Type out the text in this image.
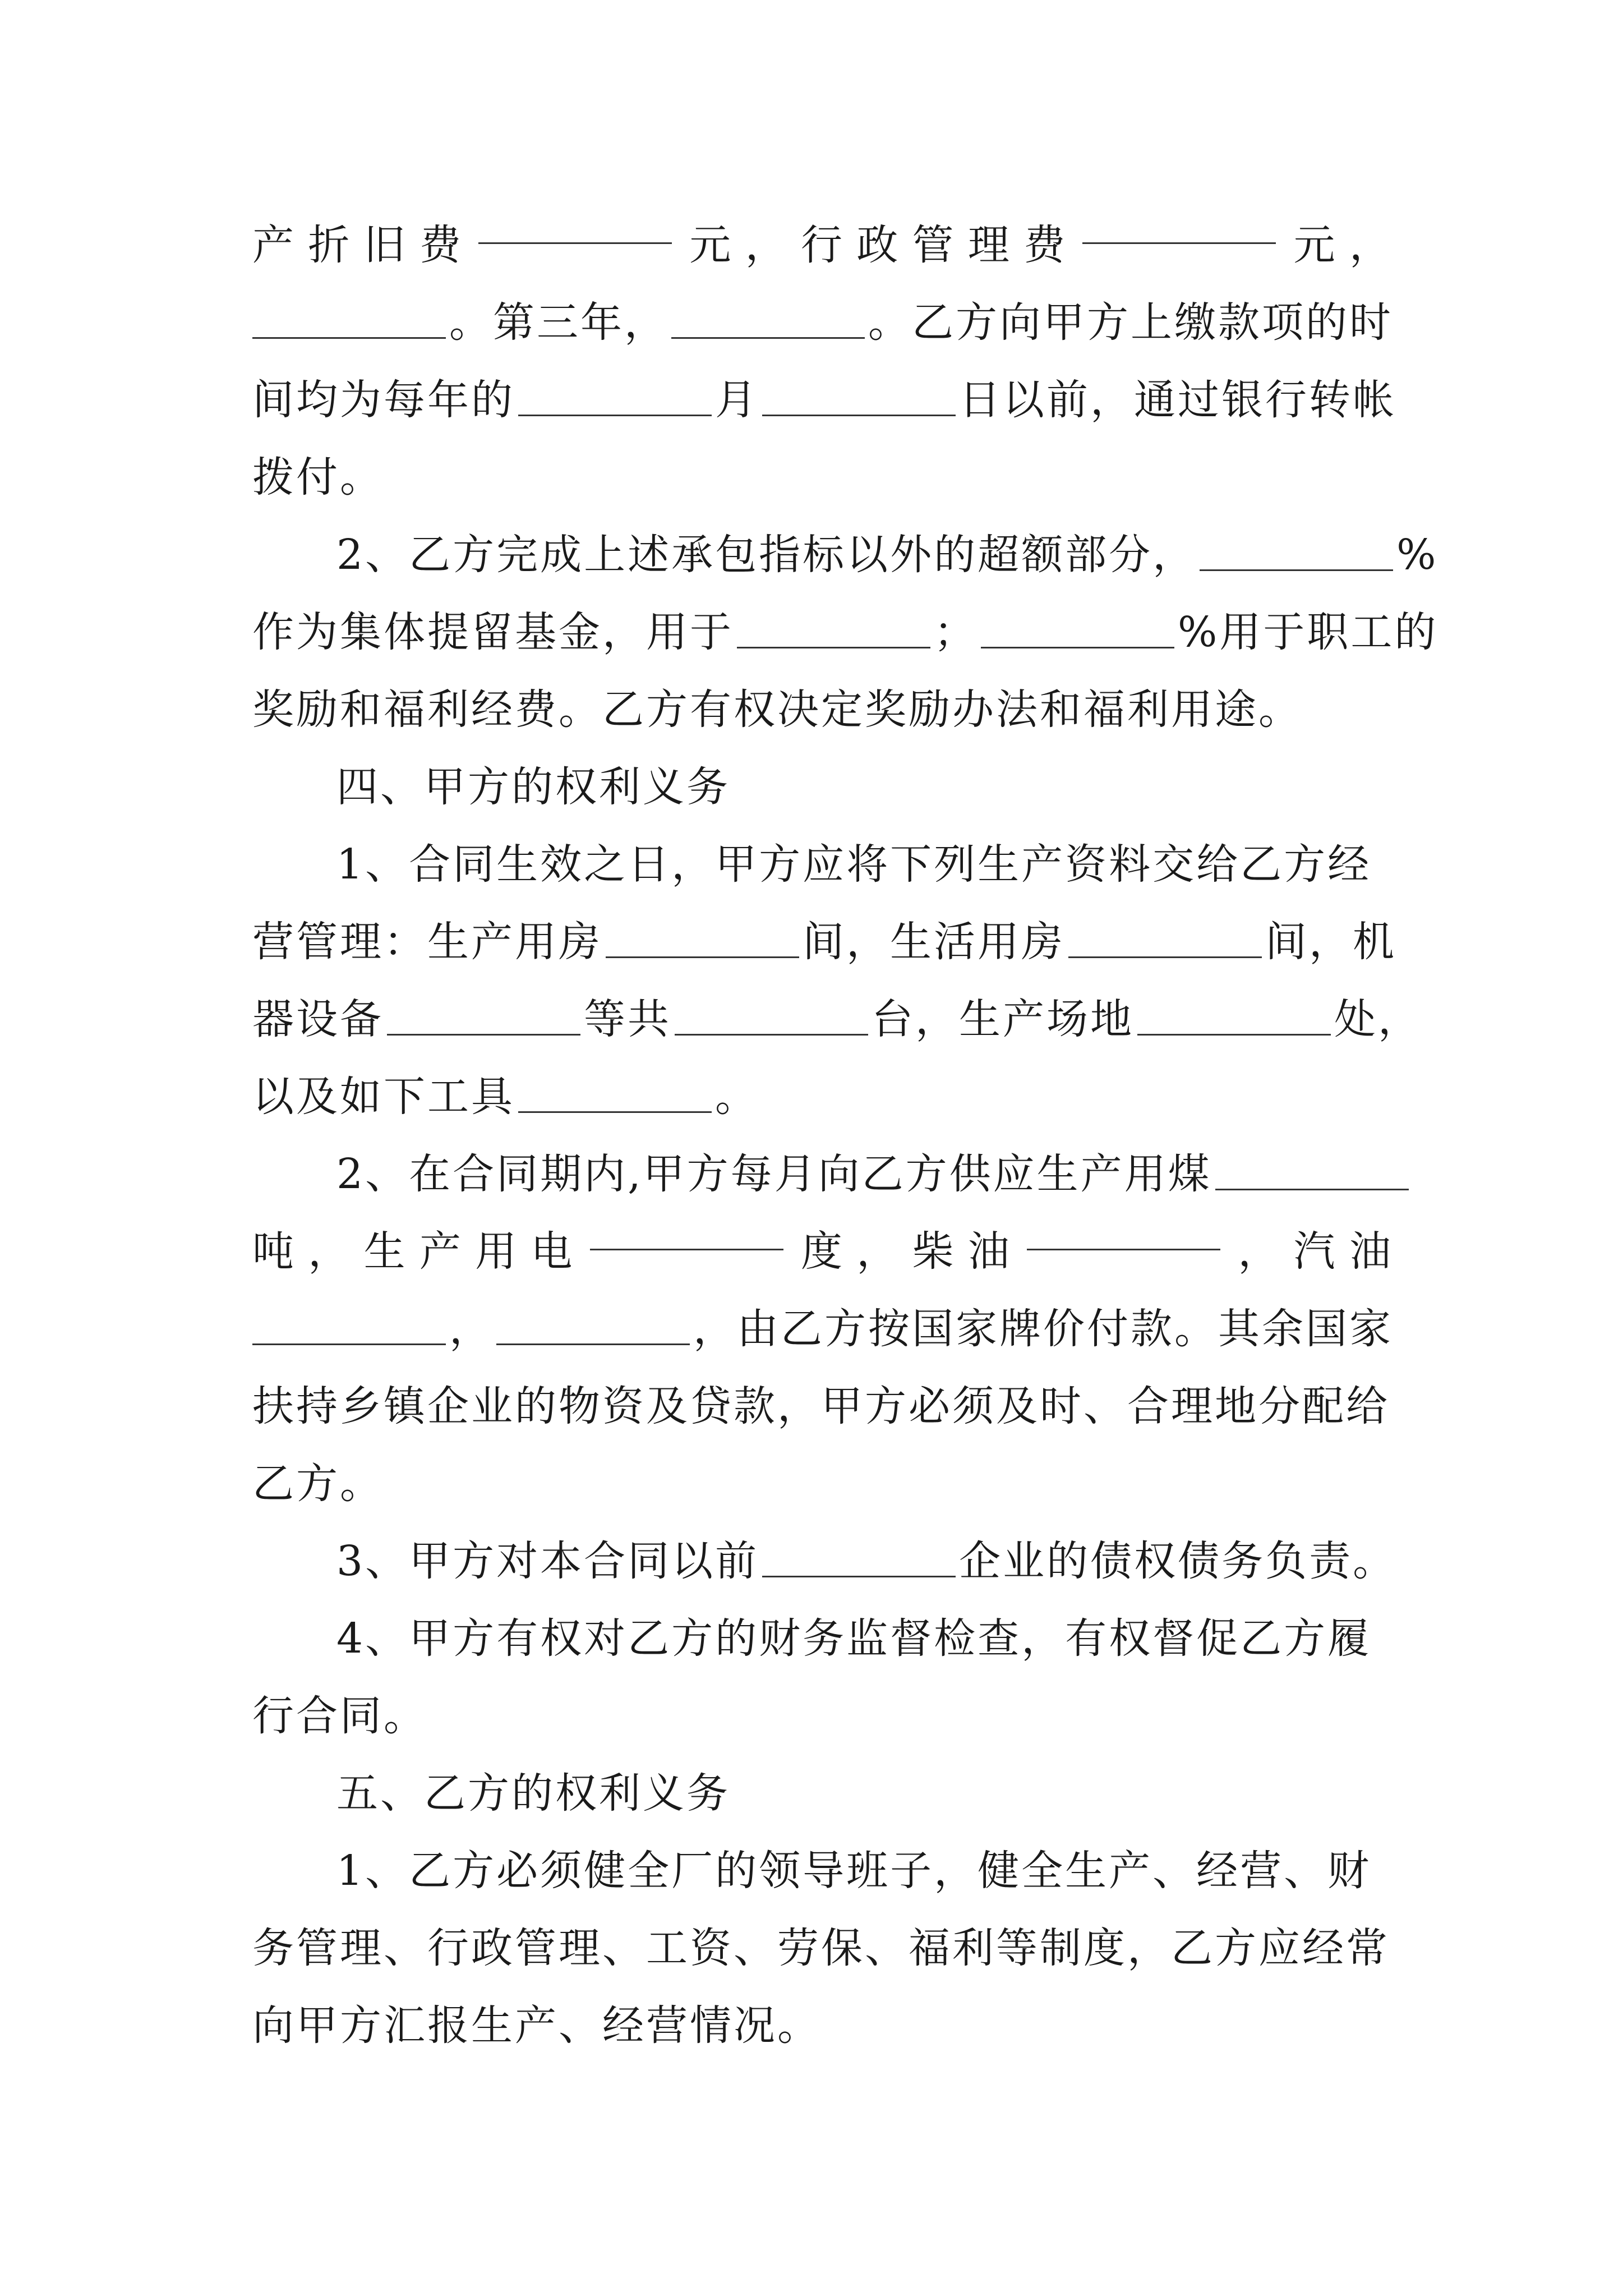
产 折 旧 费	元 ， 行 政 管 理 费	元 ，
。第三年，	。乙方向甲方上缴款项的时
间均为每年的	月	日以前，通过银行转帐
拨付。
2、乙方完成上述承包指标以外的超额部分，	%
作为集体提留基金，用于	；	%用于职工的
奖励和福利经费。乙方有权决定奖励办法和福利用途。
四、甲方的权利义务
1、合同生效之日，甲方应将下列生产资料交给乙方经
营管理：生产用房	间，生活用房	间，机
器设备	等共	台，生产场地	处，
以及如下工具	。
2、在合同期内,甲方每月向乙方供应生产用煤
吨 ， 生 产 用 电	度 ， 柴 油	， 汽 油
，	，由乙方按国家牌价付款。其余国家
扶持乡镇企业的物资及贷款，甲方必须及时、合理地分配给
乙方。
3、甲方对本合同以前	企业的债权债务负责。
4、甲方有权对乙方的财务监督检查，有权督促乙方履
行合同。
五、乙方的权利义务
1、乙方必须健全厂的领导班子，健全生产、经营、财
务管理、行政管理、工资、劳保、福利等制度，乙方应经常
向甲方汇报生产、经营情况。
